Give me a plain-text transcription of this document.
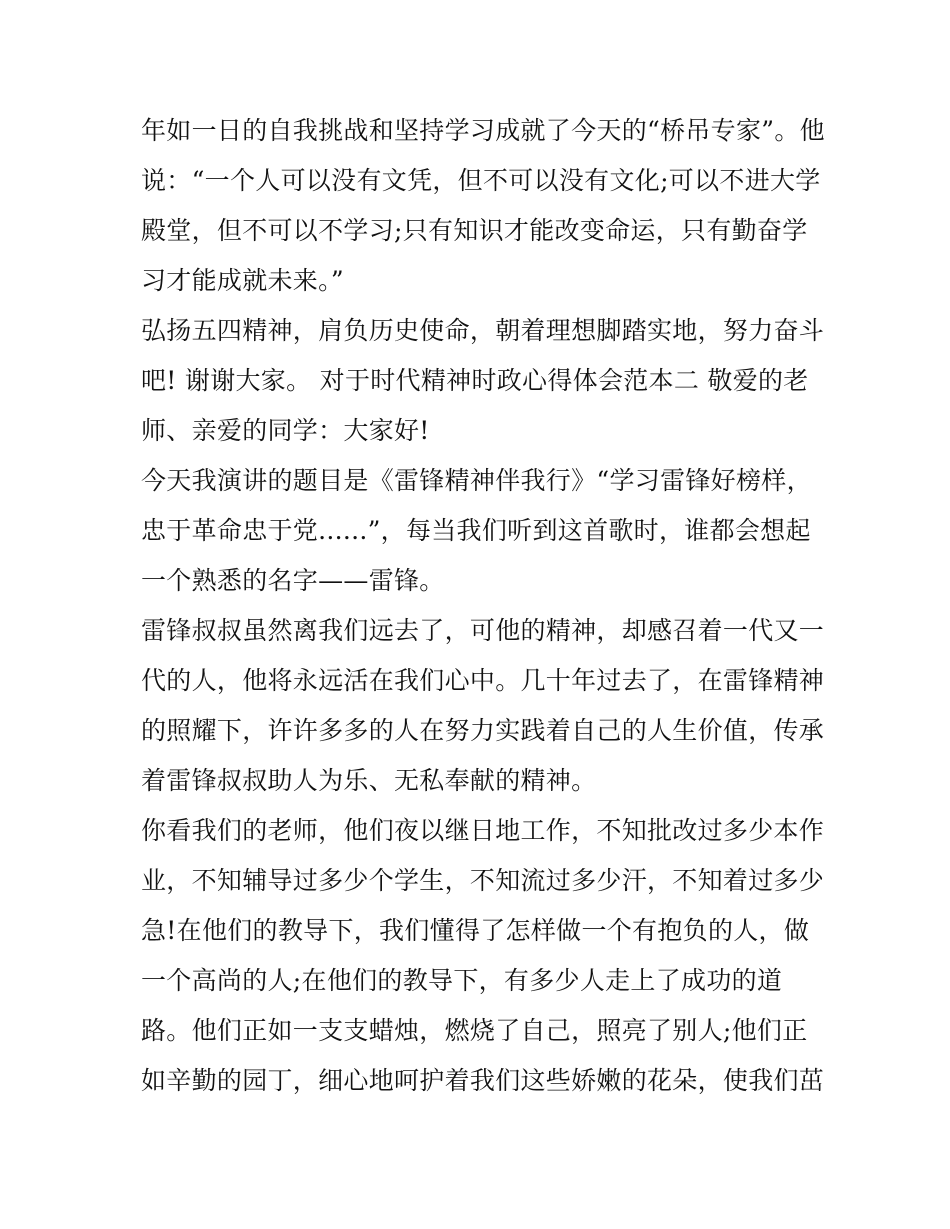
年如一日的自我挑战和坚持学习成就了今天的“桥吊专家”。他
说：“一个人可以没有文凭，但不可以没有文化;可以不进大学
殿堂，但不可以不学习;只有知识才能改变命运，只有勤奋学
习才能成就未来。”
弘扬五四精神，肩负历史使命，朝着理想脚踏实地，努力奋斗
吧! 谢谢大家。 对于时代精神时政心得体会范本二 敬爱的老
师、亲爱的同学：大家好!
今天我演讲的题目是《雷锋精神伴我行》“学习雷锋好榜样，
忠于革命忠于党......”，每当我们听到这首歌时，谁都会想起
一个熟悉的名字——雷锋。
雷锋叔叔虽然离我们远去了，可他的精神，却感召着一代又一
代的人，他将永远活在我们心中。几十年过去了，在雷锋精神
的照耀下，许许多多的人在努力实践着自己的人生价值，传承
着雷锋叔叔助人为乐、无私奉献的精神。
你看我们的老师，他们夜以继日地工作，不知批改过多少本作
业，不知辅导过多少个学生，不知流过多少汗，不知着过多少
急!在他们的教导下，我们懂得了怎样做一个有抱负的人，做
一个高尚的人;在他们的教导下，有多少人走上了成功的道
路。他们正如一支支蜡烛，燃烧了自己，照亮了别人;他们正
如辛勤的园丁，细心地呵护着我们这些娇嫩的花朵，使我们茁
